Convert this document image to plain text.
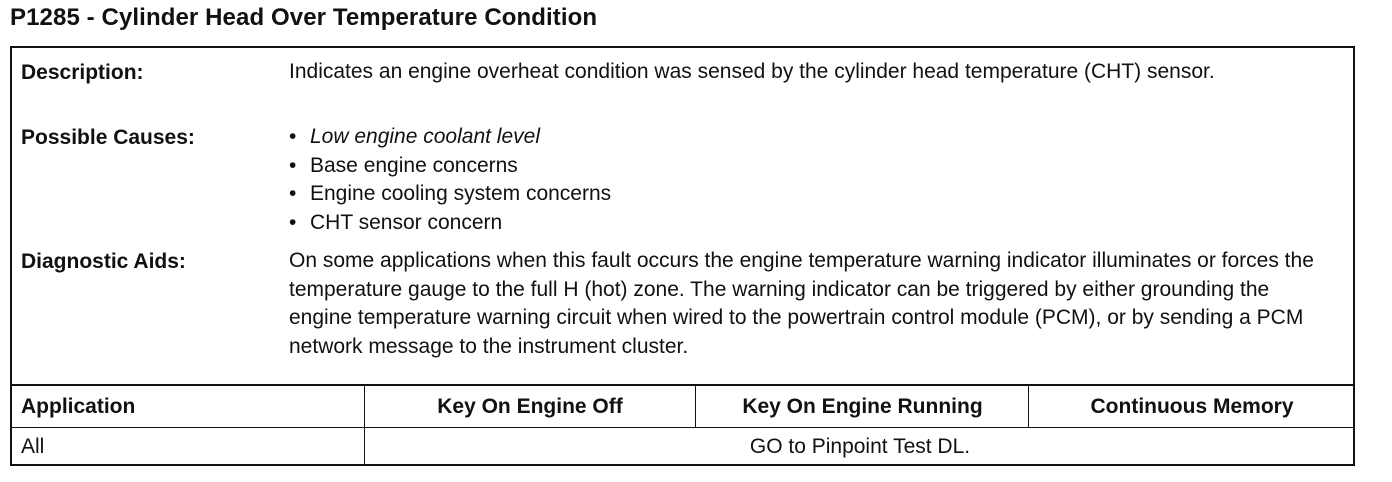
P1285 - Cylinder Head Over Temperature Condition
Description:	Indicates an engine overheat condition was sensed by the cylinder head temperature (CHT) sensor.
Possible Causes:	• Low engine coolant level
• Base engine concerns
• Engine cooling system concerns
• CHT sensor concern
Diagnostic Aids:	On some applications when this fault occurs the engine temperature warning indicator illuminates or forces the temperature gauge to the full H (hot) zone. The warning indicator can be triggered by either grounding the engine temperature warning circuit when wired to the powertrain control module (PCM), or by sending a PCM network message to the instrument cluster.
Application	Key On Engine Off	Key On Engine Running	Continuous Memory
All	GO to Pinpoint Test DL.
